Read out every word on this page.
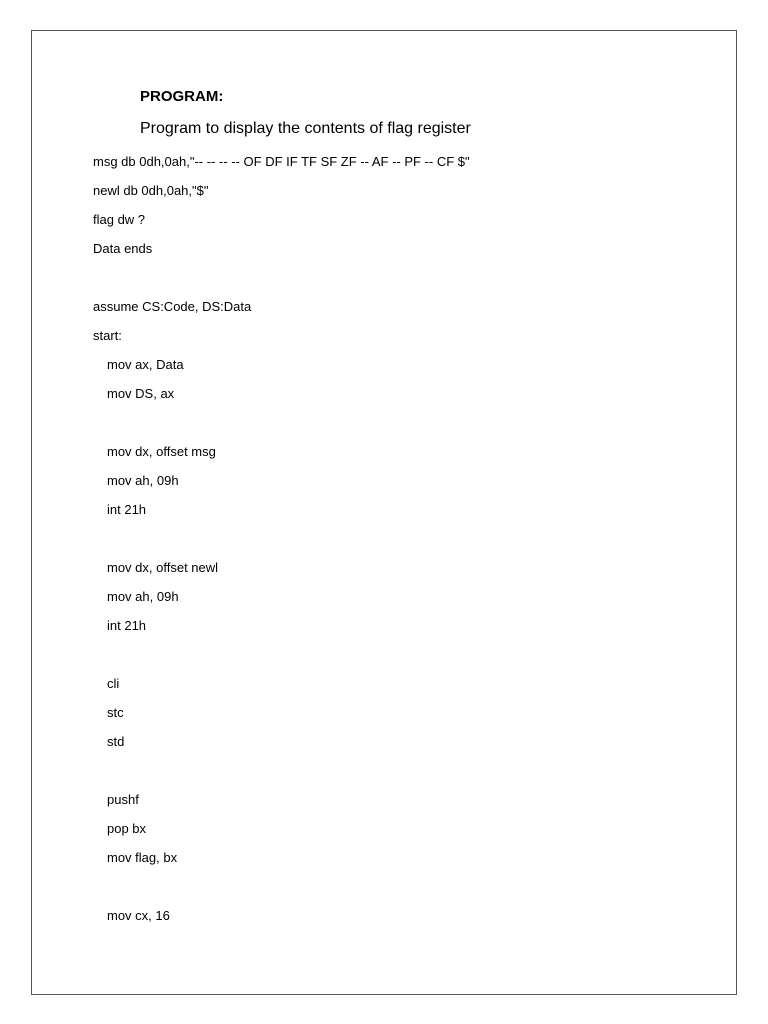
PROGRAM:
Program to display the contents of flag register
msg db 0dh,0ah,"-- -- -- -- OF DF IF TF SF ZF -- AF -- PF -- CF $"
newl db 0dh,0ah,"$"
flag dw ?
Data ends
assume CS:Code, DS:Data
start:
mov ax, Data
mov DS, ax
mov dx, offset msg
mov ah, 09h
int 21h
mov dx, offset newl
mov ah, 09h
int 21h
cli
stc
std
pushf
pop bx
mov flag, bx
mov cx, 16
